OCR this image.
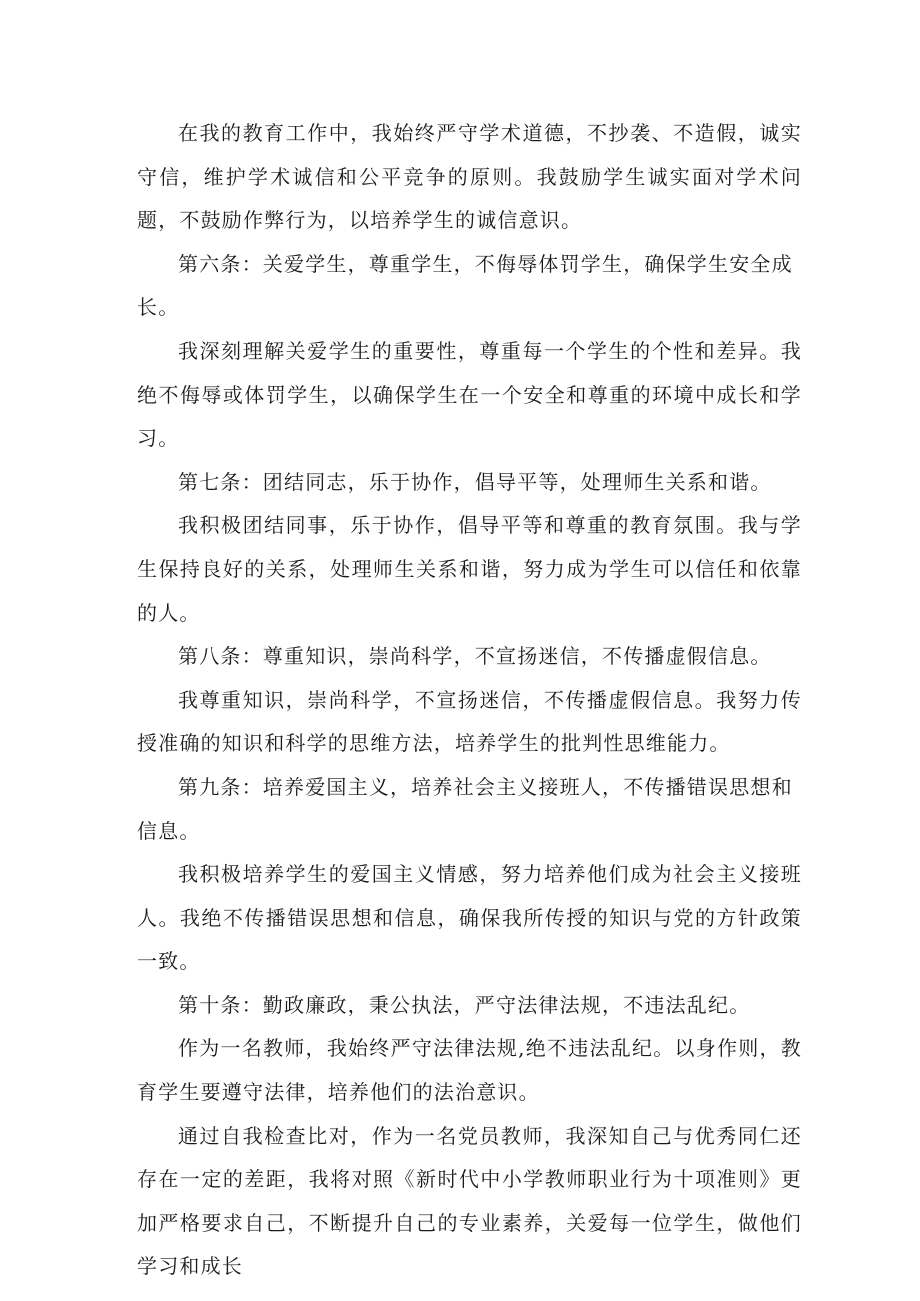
在我的教育工作中，我始终严守学术道德，不抄袭、不造假，诚实守信，维护学术诚信和公平竞争的原则。我鼓励学生诚实面对学术问题，不鼓励作弊行为，以培养学生的诚信意识。

第六条：关爱学生，尊重学生，不侮辱体罚学生，确保学生安全成长。

我深刻理解关爱学生的重要性，尊重每一个学生的个性和差异。我绝不侮辱或体罚学生，以确保学生在一个安全和尊重的环境中成长和学习。

第七条：团结同志，乐于协作，倡导平等，处理师生关系和谐。

我积极团结同事，乐于协作，倡导平等和尊重的教育氛围。我与学生保持良好的关系，处理师生关系和谐，努力成为学生可以信任和依靠的人。

第八条：尊重知识，崇尚科学，不宣扬迷信，不传播虚假信息。

我尊重知识，崇尚科学，不宣扬迷信，不传播虚假信息。我努力传授准确的知识和科学的思维方法，培养学生的批判性思维能力。

第九条：培养爱国主义，培养社会主义接班人，不传播错误思想和信息。

我积极培养学生的爱国主义情感，努力培养他们成为社会主义接班人。我绝不传播错误思想和信息，确保我所传授的知识与党的方针政策一致。

第十条：勤政廉政，秉公执法，严守法律法规，不违法乱纪。

作为一名教师，我始终严守法律法规,绝不违法乱纪。以身作则，教育学生要遵守法律，培养他们的法治意识。

通过自我检查比对，作为一名党员教师，我深知自己与优秀同仁还存在一定的差距，我将对照《新时代中小学教师职业行为十项准则》更加严格要求自己，不断提升自己的专业素养，关爱每一位学生，做他们学习和成长
